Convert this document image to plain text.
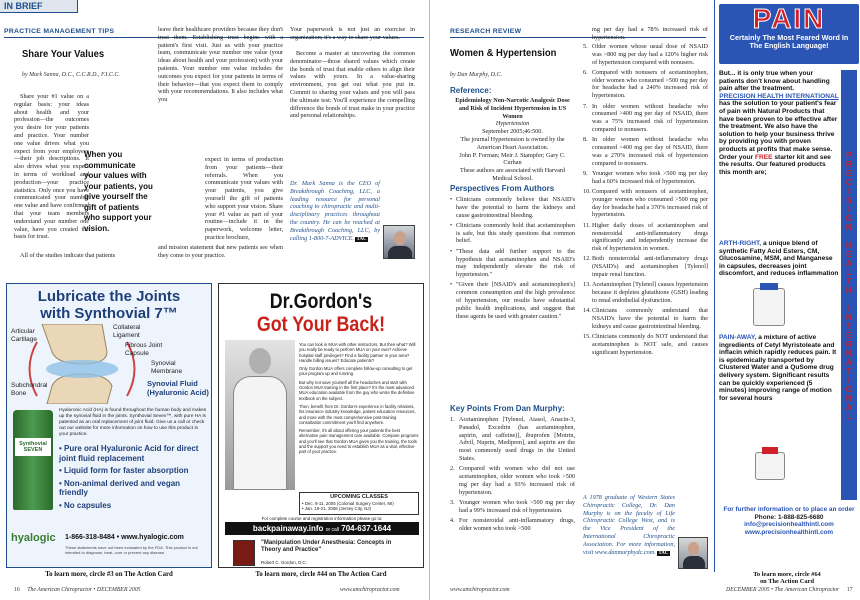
IN BRIEF
PRACTICE MANAGEMENT TIPS
Share Your Values
by Mark Sanna, D.C., C.C.R.D., F.I.C.C.
Share your #1 value on a regular basis: your ideas about health and your profession—the outcomes you desire for your patients and practice. Your number one value drives what you expect from your employees—their job descriptions. It also drives what you expect in terms of workload and production—your practice statistics. Only once you have communicated your number one value and have confirmed that your team members understand your number one value, have you created the basis for trust.
When you communicate your values with your patients, you give yourself the gift of patients who support your vision.
All of the studies indicate that patients
leave their healthcare providers because they don't trust them. Establishing trust begins with a patient's first visit. Just as with your practice team, communicate your number one value (your ideas about health and your profession) with your patients. Your number one value includes the outcomes you expect for your patients in terms of their behavior—that you expect them to comply with your recommendations. It also includes what you
expect in terms of production from your patients—their referrals. When you communicate your values with your patients, you give yourself the gift of patients who support your vision. Share your #1 value as part of your routine—include it in the paperwork, welcome letter, practice brochure,
and mission statement that new patients see when they come to your practice.
Your paperwork is not just an exercise in organization; it's a way to share your values.
Become a master at uncovering the common denominator—those shared values which create the bonds of trust that enable others to align their values with yours. In a value-sharing environment, you get out what you put in. Commit to sharing your values and you will pass the ultimate test: You'll experience the compelling difference the bonds of trust make in your practice and personal relationships.
Dr. Mark Sanna is the CEO of Breakthrough Coaching, LLC, a leading resource for personal coaching to chiropractic and multi-disciplinary practices throughout the country. He can be reached at Breakthrough Coaching, LLC, by calling 1-800-7-ADVICE. TAC
Lubricate the Joints
with Synthovial 7™
Articular Cartilage
Collateral Ligament
Fibrous Joint Capsule
Synovial Membrane
Synovial Fluid (Hyaluronic Acid)
Subchondral Bone
Hyaluronic Acid (HA) is found throughout the human body and makes up the synovial fluid in the joints. Synthovial Seven™, with pure HA is patented as an oral replacement of joint fluid. Give us a call or check out our website for more information on how to use this product in your practice.
Synthovial SEVEN	• Pure oral Hyaluronic Acid for direct joint fluid replacement
• Liquid form for faster absorption
• Non-animal derived and vegan friendly
• No capsules
hyalogic 1-866-318-8484 • www.hyalogic.com
These statements have not been evaluated by the FDA. This product is not intended to diagnose, treat, cure or prevent any disease.
To learn more, circle #3 on The Action Card
Dr.Gordon's
Got Your Back!

You can look in MUA with other instructors. But then what? Will you really be ready to perform MUA on your own? Achieve hospital staff privileges? Find a facility partner in your area? Handle billing issues? Educate patients?

Only Gordon MUA offers complete follow-up consulting to get your program up and running.

But why not save yourself all the headaches and start with Gordon MUA training in the first place? It's the most advanced MUA education available from the guy who wrote the definitive textbook on the subject.

Then, benefit from Dr. Gordon's experience in facility relations, his insurance industry knowledge, patient education resources, and more with the most comprehensive post-training consultation commitment you'll find anywhere.

Remember, it's all about offering your patients the best alternative pain management care available. Compare programs and you'll see that Gordon MUA gives you the training, the tools and the support you need to establish MUA as a vital, effective part of your practice.

UPCOMING CLASSES
• Dec. 9-11, 2005 (Colonial Surgery Center, MI)
• Jan. 19-21, 2006 (Jersey City, NJ)
For complete course and registration information please go to:
backpainaway.info or call 704-637-1644
"Manipulation Under Anesthesia: Concepts in Theory and Practice"
Robert C. Gordon, D.C.
To learn more, circle #44 on The Action Card
16 The American Chiropractor • DECEMBER 2005	www.amchiropractor.com
RESEARCH REVIEW
Women & Hypertension
by Dan Murphy, D.C.
Reference:
Epidemiology Non-Narcotic Analgesic Dose and Risk of Incident Hypertension in US Women
Hypertension
September 2005;46:500.
The journal Hypertension is owned by the American Heart Association.
John P. Forman; Meir J. Stampfer; Gary C. Curhan
These authors are associated with Harvard Medical School.
Perspectives From Authors
• Clinicians commonly believe that NSAID's have the potential to harm the kidneys and cause gastrointestinal bleeding.
• Clinicians commonly hold that acetaminophen is safe, but this study questions that common belief.
• "These data add further support to the hypothesis that acetaminophen and NSAID's may independently elevate the risk of hypertension."
• "Given their [NSAID's and acetaminophen's] common consumption and the high prevalence of hypertension, our results have substantial public health implications, and suggest that these agents be used with greater caution."
Key Points From Dan Murphy:
1. Acetaminophen [Tylenol, Atasol, Anacin-3, Panadol, Excedrin (has acetaminophen, aspirin, and caffeine)], ibuprofen [Motrin, Advil, Nuprin, Medipren], and aspirin are the most commonly used drugs in the United States.
2. Compared with women who did not use acetaminophen, older women who took >500 mg per day had a 93% increased risk of hypertension.
3. Younger women who took >500 mg per day had a 99% increased risk of hypertension.
4. For nonsteroidal anti-inflammatory drugs, older women who took >500
mg per day had a 78% increased risk of hypertension.
5. Older women whose usual dose of NSAID was >800 mg per day had a 120% higher risk of hypertension compared with nonusers.
6. Compared with nonusers of acetaminophen, older women who consumed >500 mg per day for headache had a 240% increased risk of hypertension.
7. In older women without headache who consumed >400 mg per day of NSAID, there was a 75% increased risk of hypertension compared to nonusers.
8. In older women without headache who consumed >400 mg per day of NSAID, there was a 270% increased risk of hypertension compared to nonusers.
9. Younger women who took >500 mg per day had a 60% increased risk of hypertension.
10. Compared with nonusers of acetaminophen, younger women who consumed >500 mg per day for headache had a 370% increased risk of hypertension.
11. Higher daily doses of acetaminophen and nonsteroidal anti-inflammatory drugs significantly and independently increase the risk of hypertension in women.
12. Both nonsteroidal anti-inflammatory drugs (NSAID's) and acetaminophen [Tylenol] impair renal function.
13. Acetaminophen [Tylenol] causes hypertension because it depletes glutathione (GSH) leading to renal endothelial dysfunction.
14. Clinicians commonly understand that NSAID's have the potential to harm the kidneys and cause gastrointestinal bleeding.
15. Clinicians commonly do NOT understand that acetaminophen is NOT safe, and causes significant hypertension.
A 1978 graduate of Western States Chiropractic College, Dr. Dan Murphy is on the faculty of Life Chiropractic College West, and is the Vice President of the International Chiropractic Association. For more information, visit www.danmurphydc.com. TAC
PAIN
Certainly The Most Feared Word In The English Language!
But... it is only true when your patients don't know about handling pain after the treatment.
PRECISION HEALTH INTERNATIONAL
has the solution to your patient's fear of pain with Natural Products that have been proven to be effective after the treatment. We also have the solution to help your business thrive by providing you with proven products at profits that make sense. Order your FREE starter kit and see the results. Our featured products this month are;
ARTH-RIGHT, a unique blend of synthetic Fatty Acid Esters, CM, Glucosamine, MSM, and Manganese in capsules, decreases joint discomfort, and reduces inflammation
PAIN-AWAY, a mixture of active ingredients of Cetyl Myristoleate and inflacin which rapidly reduces pain. It is epidemically transported by Clustered Water and a QuSome drug delivery system. Significant results can be quickly experienced (5 minutes) improving range of motion for several hours	PRECISION HEALTH INTERNATIONAL
For further information or to place an order
Phone: 1-888-825-6680
info@precisionhealthintl.com
www.precisionhealthintl.com
To learn more, circle #64
on The Action Card
www.amchiropractor.com	DECEMBER 2005 • The American Chiropractor 17
